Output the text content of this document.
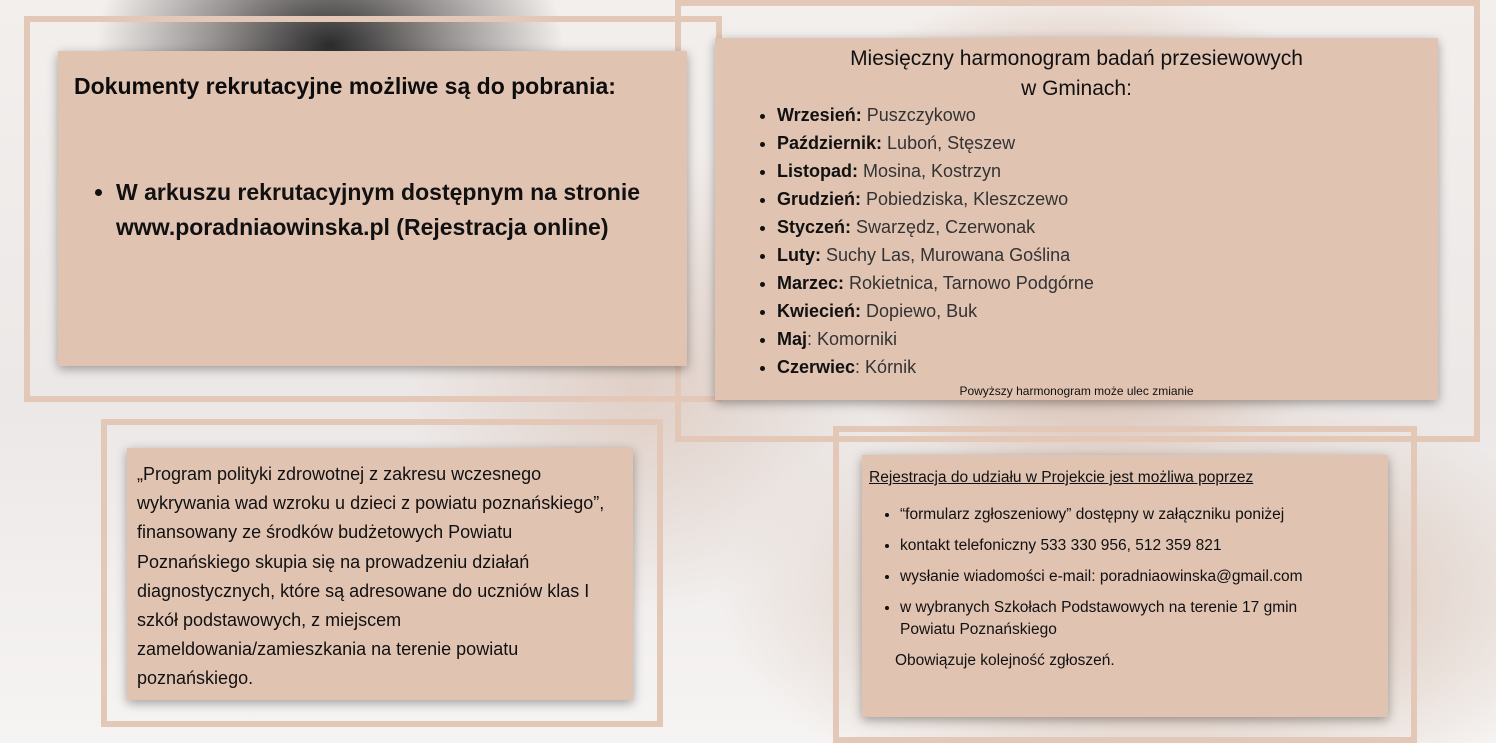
Dokumenty rekrutacyjne możliwe są do pobrania:
• W arkuszu rekrutacyjnym dostępnym na stronie www.poradniaowinska.pl (Rejestracja online)
Miesięczny harmonogram badań przesiewowych
w Gminach:
• Wrzesień: Puszczykowo
• Październik: Luboń, Stęszew
• Listopad: Mosina, Kostrzyn
• Grudzień: Pobiedziska, Kleszczewo
• Styczeń: Swarzędz, Czerwonak
• Luty: Suchy Las, Murowana Goślina
• Marzec: Rokietnica, Tarnowo Podgórne
• Kwiecień: Dopiewo, Buk
• Maj: Komorniki
• Czerwiec: Kórnik
Powyższy harmonogram może ulec zmianie

„Program polityki zdrowotnej z zakresu wczesnego wykrywania wad wzroku u dzieci z powiatu poznańskiego”, finansowany ze środków budżetowych Powiatu Poznańskiego skupia się na prowadzeniu działań diagnostycznych, które są adresowane do uczniów klas I szkół podstawowych, z miejscem zameldowania/zamieszkania na terenie powiatu poznańskiego.

Rejestracja do udziału w Projekcie jest możliwa poprzez
• “formularz zgłoszeniowy” dostępny w załączniku poniżej
• kontakt telefoniczny 533 330 956, 512 359 821
• wysłanie wiadomości e-mail: poradniaowinska@gmail.com
• w wybranych Szkołach Podstawowych na terenie 17 gmin
Powiatu Poznańskiego
Obowiązuje kolejność zgłoszeń.
